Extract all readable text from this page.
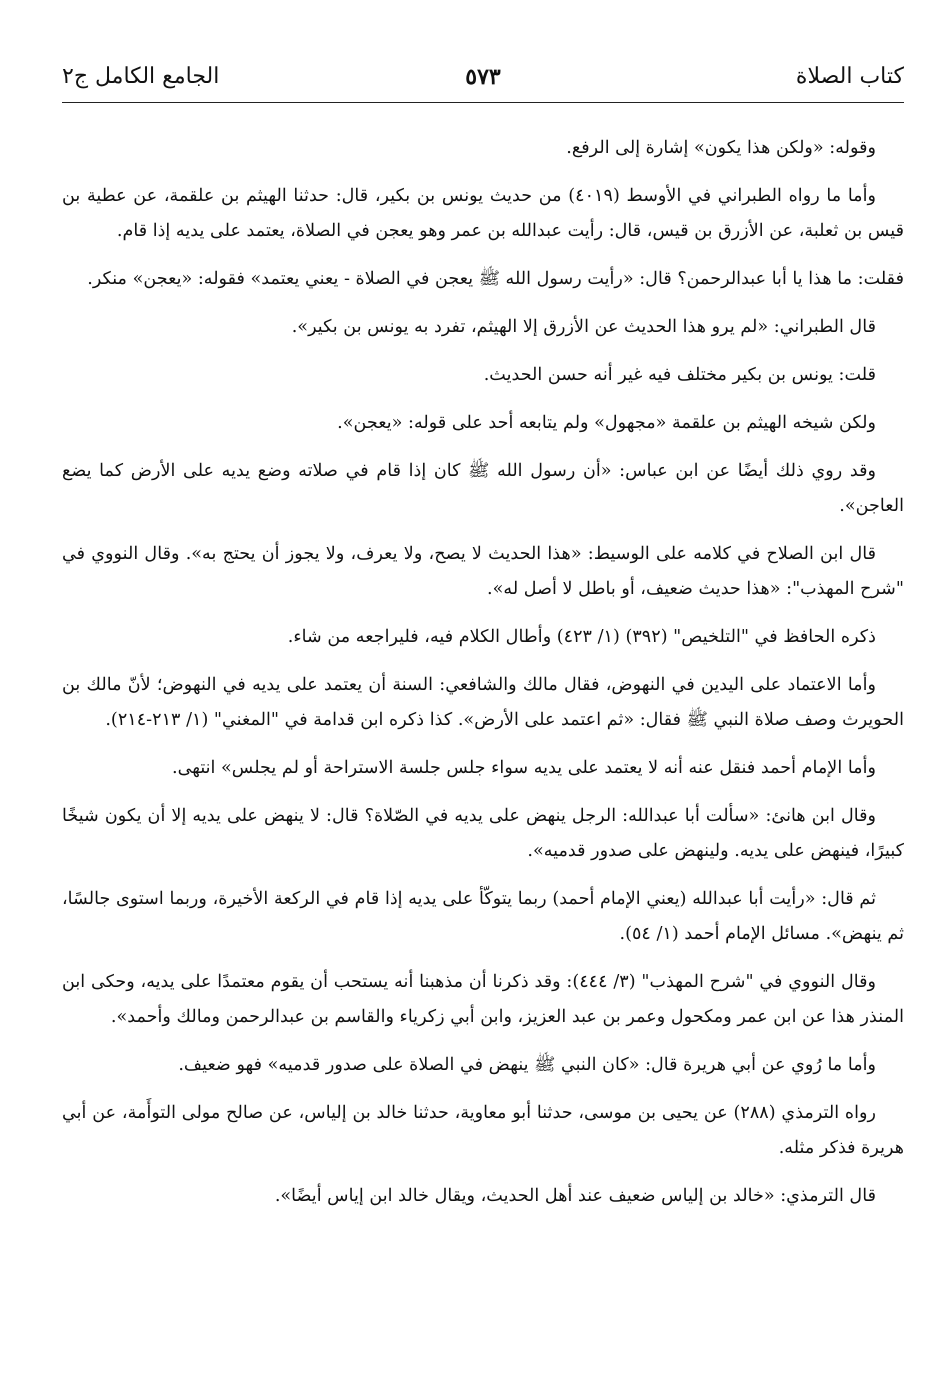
كتاب الصلاة
٥٧٣
الجامع الكامل ج٢

وقوله: «ولكن هذا يكون» إشارة إلى الرفع.

وأما ما رواه الطبراني في الأوسط (٤٠١٩) من حديث يونس بن بكير، قال: حدثنا الهيثم بن علقمة، عن عطية بن قيس بن ثعلبة، عن الأزرق بن قيس، قال: رأيت عبدالله بن عمر وهو يعجن في الصلاة، يعتمد على يديه إذا قام.

فقلت: ما هذا يا أبا عبدالرحمن؟ قال: «رأيت رسول الله ﷺ يعجن في الصلاة - يعني يعتمد» فقوله: «يعجن» منكر.

قال الطبراني: «لم يرو هذا الحديث عن الأزرق إلا الهيثم، تفرد به يونس بن بكير».

قلت: يونس بن بكير مختلف فيه غير أنه حسن الحديث.

ولكن شيخه الهيثم بن علقمة «مجهول» ولم يتابعه أحد على قوله: «يعجن».

وقد روي ذلك أيضًا عن ابن عباس: «أن رسول الله ﷺ كان إذا قام في صلاته وضع يديه على الأرض كما يضع العاجن».

قال ابن الصلاح في كلامه على الوسيط: «هذا الحديث لا يصح، ولا يعرف، ولا يجوز أن يحتج به». وقال النووي في "شرح المهذب": «هذا حديث ضعيف، أو باطل لا أصل له».

ذكره الحافظ في "التلخيص" (٣٩٢) (١/ ٤٢٣) وأطال الكلام فيه، فليراجعه من شاء.

وأما الاعتماد على اليدين في النهوض، فقال مالك والشافعي: السنة أن يعتمد على يديه في النهوض؛ لأنّ مالك بن الحويرث وصف صلاة النبي ﷺ فقال: «ثم اعتمد على الأرض». كذا ذكره ابن قدامة في "المغني" (١/ ٢١٣-٢١٤).

وأما الإمام أحمد فنقل عنه أنه لا يعتمد على يديه سواء جلس جلسة الاستراحة أو لم يجلس» انتهى.

وقال ابن هانئ: «سألت أبا عبدالله: الرجل ينهض على يديه في الصّلاة؟ قال: لا ينهض على يديه إلا أن يكون شيخًا كبيرًا، فينهض على يديه. ولينهض على صدور قدميه».

ثم قال: «رأيت أبا عبدالله (يعني الإمام أحمد) ربما يتوكّأ على يديه إذا قام في الركعة الأخيرة، وربما استوى جالسًا، ثم ينهض». مسائل الإمام أحمد (١/ ٥٤).

وقال النووي في "شرح المهذب" (٣/ ٤٤٤): وقد ذكرنا أن مذهبنا أنه يستحب أن يقوم معتمدًا على يديه، وحكى ابن المنذر هذا عن ابن عمر ومكحول وعمر بن عبد العزيز، وابن أبي زكرياء والقاسم بن عبدالرحمن ومالك وأحمد».

وأما ما رُوي عن أبي هريرة قال: «كان النبي ﷺ ينهض في الصلاة على صدور قدميه» فهو ضعيف.

رواه الترمذي (٢٨٨) عن يحيى بن موسى، حدثنا أبو معاوية، حدثنا خالد بن إلياس، عن صالح مولى التوأَمة، عن أبي هريرة فذكر مثله.

قال الترمذي: «خالد بن إلياس ضعيف عند أهل الحديث، ويقال خالد ابن إياس أيضًا».
